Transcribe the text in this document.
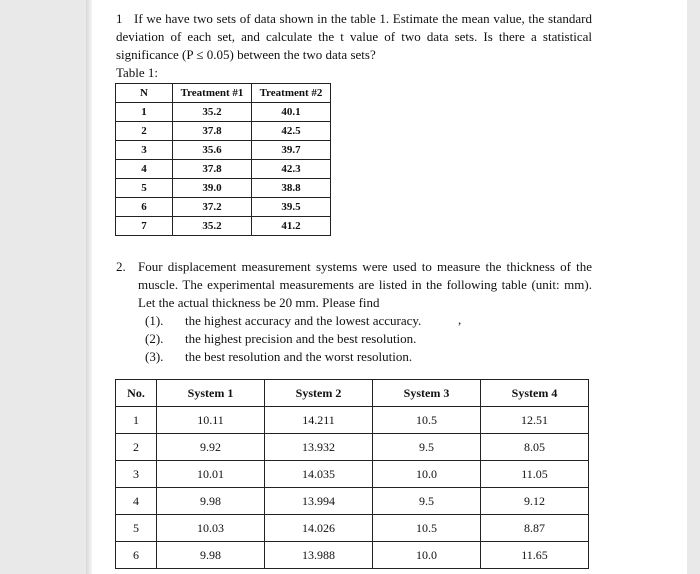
1 If we have two sets of data shown in the table 1. Estimate the mean value, the standard deviation of each set, and calculate the t value of two data sets. Is there a statistical significance (P ≤ 0.05) between the two data sets?
Table 1:
N	Treatment #1	Treatment #2
1	35.2	40.1
2	37.8	42.5
3	35.6	39.7
4	37.8	42.3
5	39.0	38.8
6	37.2	39.5
7	35.2	41.2
2. Four displacement measurement systems were used to measure the thickness of the muscle. The experimental measurements are listed in the following table (unit: mm). Let the actual thickness be 20 mm. Please find
(1).	the highest accuracy and the lowest accuracy.
(2).	the highest precision and the best resolution.
(3).	the best resolution and the worst resolution.
,
No.	System 1	System 2	System 3	System 4
1	10.11	14.211	10.5	12.51
2	9.92	13.932	9.5	8.05
3	10.01	14.035	10.0	11.05
4	9.98	13.994	9.5	9.12
5	10.03	14.026	10.5	8.87
6	9.98	13.988	10.0	11.65
